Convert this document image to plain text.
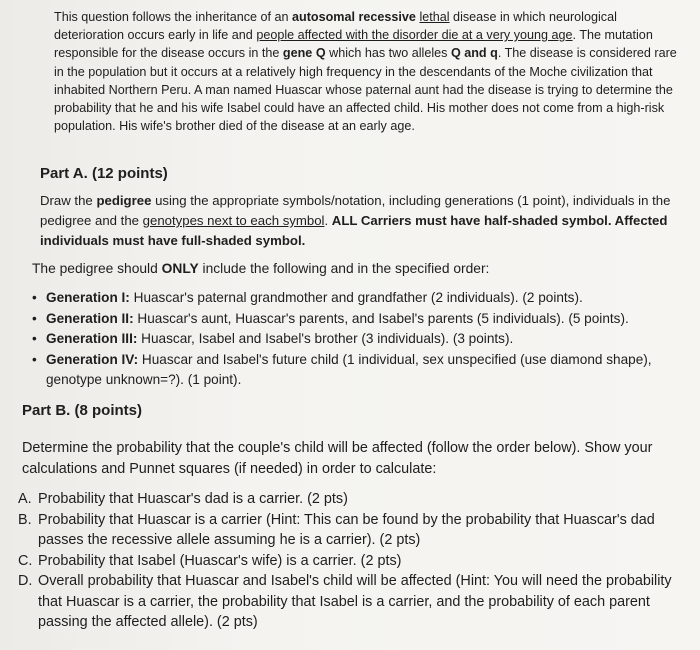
This question follows the inheritance of an autosomal recessive lethal disease in which neurological deterioration occurs early in life and people affected with the disorder die at a very young age. The mutation responsible for the disease occurs in the gene Q which has two alleles Q and q. The disease is considered rare in the population but it occurs at a relatively high frequency in the descendants of the Moche civilization that inhabited Northern Peru. A man named Huascar whose paternal aunt had the disease is trying to determine the probability that he and his wife Isabel could have an affected child. His mother does not come from a high-risk population. His wife's brother died of the disease at an early age.

Part A. (12 points)

Draw the pedigree using the appropriate symbols/notation, including generations (1 point), individuals in the pedigree and the genotypes next to each symbol. ALL Carriers must have half-shaded symbol. Affected individuals must have full-shaded symbol.

The pedigree should ONLY include the following and in the specified order:

• Generation I: Huascar's paternal grandmother and grandfather (2 individuals). (2 points).
• Generation II: Huascar's aunt, Huascar's parents, and Isabel's parents (5 individuals). (5 points).
• Generation III: Huascar, Isabel and Isabel's brother (3 individuals). (3 points).
• Generation IV: Huascar and Isabel's future child (1 individual, sex unspecified (use diamond shape), genotype unknown=?). (1 point).
Part B. (8 points)

Determine the probability that the couple's child will be affected (follow the order below). Show your calculations and Punnet squares (if needed) in order to calculate:

A. Probability that Huascar's dad is a carrier. (2 pts)
B. Probability that Huascar is a carrier (Hint: This can be found by the probability that Huascar's dad passes the recessive allele assuming he is a carrier). (2 pts)
C. Probability that Isabel (Huascar's wife) is a carrier. (2 pts)
D. Overall probability that Huascar and Isabel's child will be affected (Hint: You will need the probability that Huascar is a carrier, the probability that Isabel is a carrier, and the probability of each parent passing the affected allele). (2 pts)
